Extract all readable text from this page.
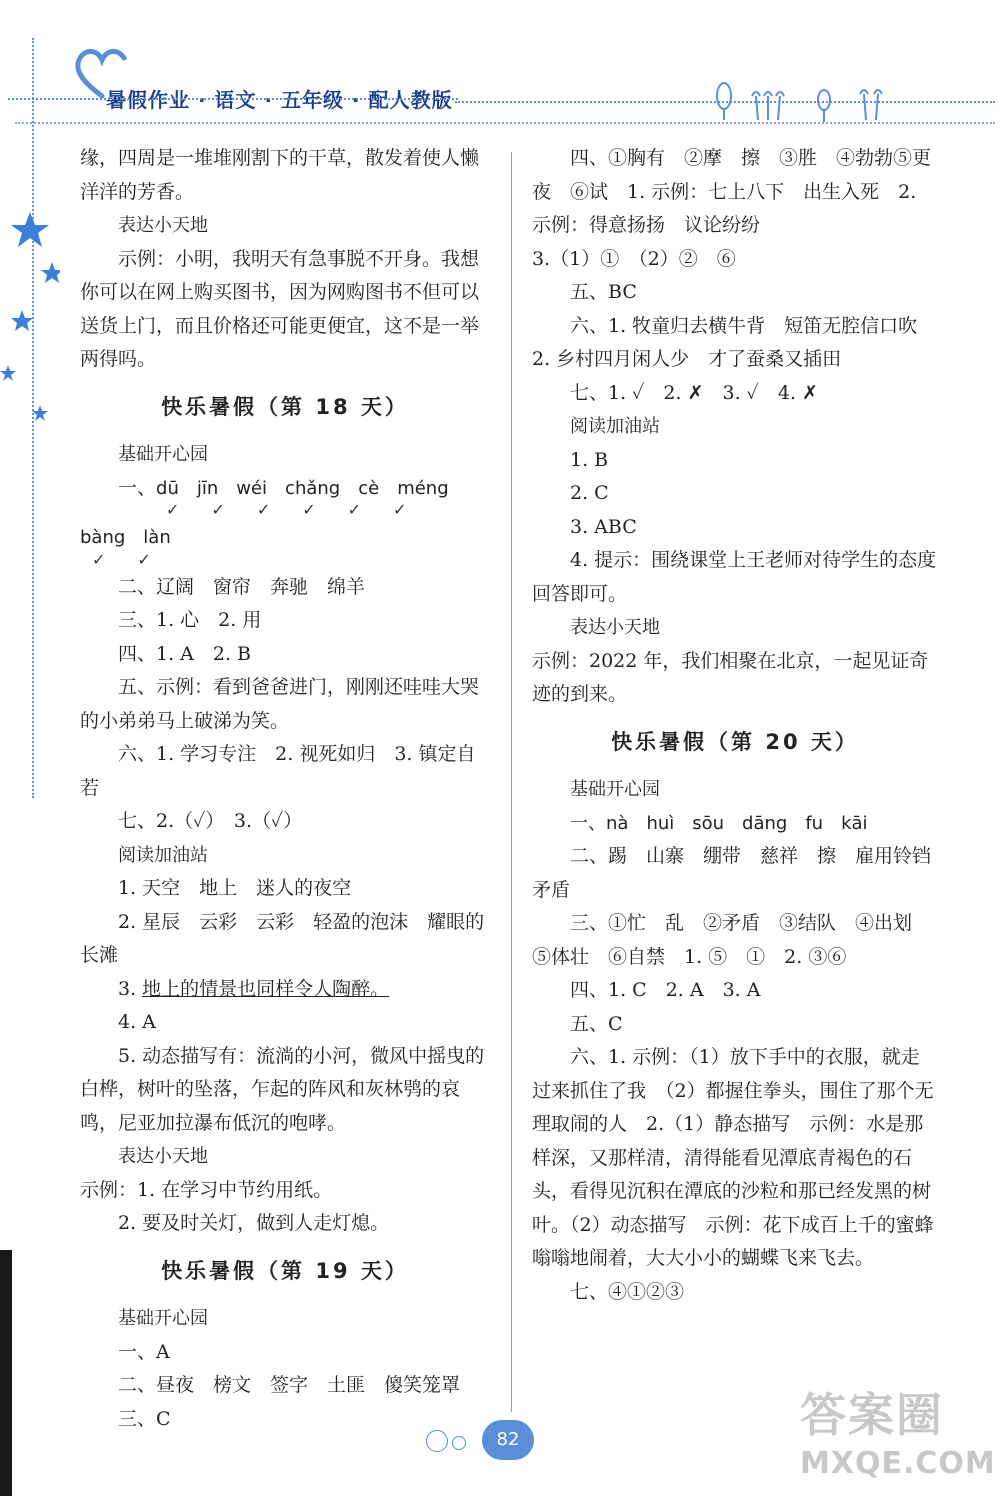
暑假作业 · 语文 · 五年级 · 配人教版

缘，四周是一堆堆刚割下的干草，散发着使人懒洋洋的芳香。

表达小天地

示例：小明，我明天有急事脱不开身。我想你可以在网上购买图书，因为网购图书不但可以送货上门，而且价格还可能更便宜，这不是一举两得吗。

快乐暑假（第 18 天）

基础开心园

一、dū　jīn　wéi　chǎng　cè　méng

✓　　✓　　✓　　✓　　✓　　✓

bàng　làn

✓　　✓

二、辽阔　窗帘　奔驰　绵羊

三、1. 心　2. 用

四、1. A　2. B

五、示例：看到爸爸进门，刚刚还哇哇大哭的小弟弟马上破涕为笑。

六、1. 学习专注　2. 视死如归　3. 镇定自若

七、2.（✓）　3.（✓）

阅读加油站

1. 天空　地上　迷人的夜空

2. 星辰　云彩　云彩　轻盈的泡沫　耀眼的长滩

3. 地上的情景也同样令人陶醉。

4. A

5. 动态描写有：流淌的小河，微风中摇曳的白桦，树叶的坠落，乍起的阵风和灰林鸮的哀鸣，尼亚加拉瀑布低沉的咆哮。

表达小天地

示例：1. 在学习中节约用纸。

2. 要及时关灯，做到人走灯熄。

快乐暑假（第 19 天）

基础开心园

一、A

二、昼夜　榜文　签字　土匪　傻笑笼罩

三、C

四、①胸有　②摩　擦　③胜　④勃勃⑤更　夜　⑥试　1. 示例：七上八下　出生入死　2. 示例：得意扬扬　议论纷纷

3.（1）①　（2）②　⑥

五、BC

六、1. 牧童归去横牛背　短笛无腔信口吹　2. 乡村四月闲人少　才了蚕桑又插田

七、1. ✓　2. ✗　3. ✓　4. ✗

阅读加油站

1. B

2. C

3. ABC

4. 提示：围绕课堂上王老师对待学生的态度回答即可。

表达小天地

示例：2022 年，我们相聚在北京，一起见证奇迹的到来。

快乐暑假（第 20 天）

基础开心园

一、nà　huì　sōu　dāng　fu　kāi

二、踢　山寨　绷带　慈祥　擦　雇用铃铛　矛盾

三、①忙　乱　②矛盾　③结队　④出划　⑤体壮　⑥自禁　1. ⑤　①　2. ③⑥

四、1. C　2. A　3. A

五、C

六、1. 示例：（1）放下手中的衣服，就走过来抓住了我　（2）都握住拳头，围住了那个无理取闹的人　2.（1）静态描写　示例：水是那样深，又那样清，清得能看见潭底青褐色的石头，看得见沉积在潭底的沙粒和那已经发黑的树叶。（2）动态描写　示例：花下成百上千的蜜蜂嗡嗡地闹着，大大小小的蝴蝶飞来飞去。

七、④①②③

82	答案圈
MXQE.COM
